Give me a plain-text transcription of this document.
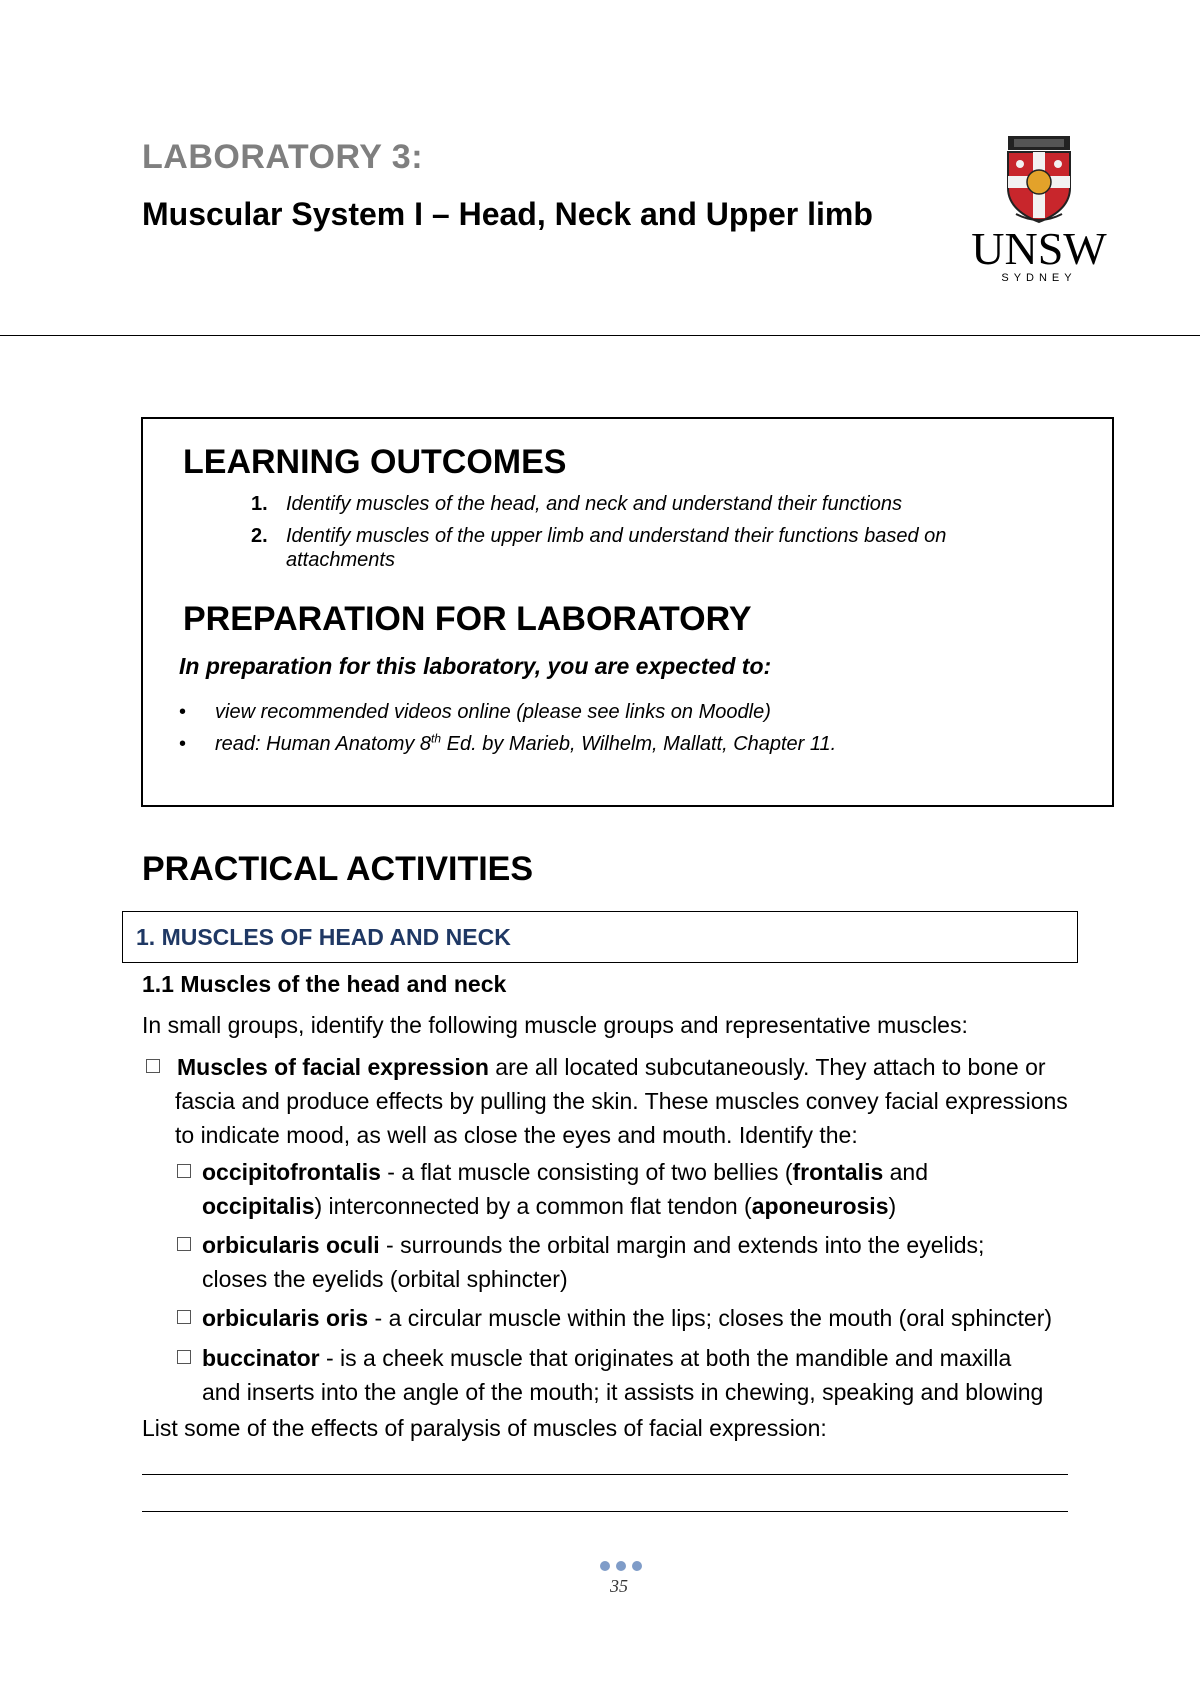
LABORATORY 3:
Muscular System I – Head, Neck and Upper limb
UNSW
SYDNEY
LEARNING OUTCOMES
1. Identify muscles of the head, and neck and understand their functions
2. Identify muscles of the upper limb and understand their functions based on attachments
PREPARATION FOR LABORATORY
In preparation for this laboratory, you are expected to:
• view recommended videos online (please see links on Moodle)
• read: Human Anatomy 8th Ed. by Marieb, Wilhelm, Mallatt, Chapter 11.
PRACTICAL ACTIVITIES
1. MUSCLES OF HEAD AND NECK
1.1 Muscles of the head and neck
In small groups, identify the following muscle groups and representative muscles:
Muscles of facial expression are all located subcutaneously. They attach to bone or
fascia and produce effects by pulling the skin. These muscles convey facial expressions
to indicate mood, as well as close the eyes and mouth. Identify the:
occipitofrontalis - a flat muscle consisting of two bellies (frontalis and
occipitalis) interconnected by a common flat tendon (aponeurosis)
orbicularis oculi - surrounds the orbital margin and extends into the eyelids;
closes the eyelids (orbital sphincter)
orbicularis oris - a circular muscle within the lips; closes the mouth (oral sphincter)
buccinator - is a cheek muscle that originates at both the mandible and maxilla
and inserts into the angle of the mouth; it assists in chewing, speaking and blowing
List some of the effects of paralysis of muscles of facial expression:
35
